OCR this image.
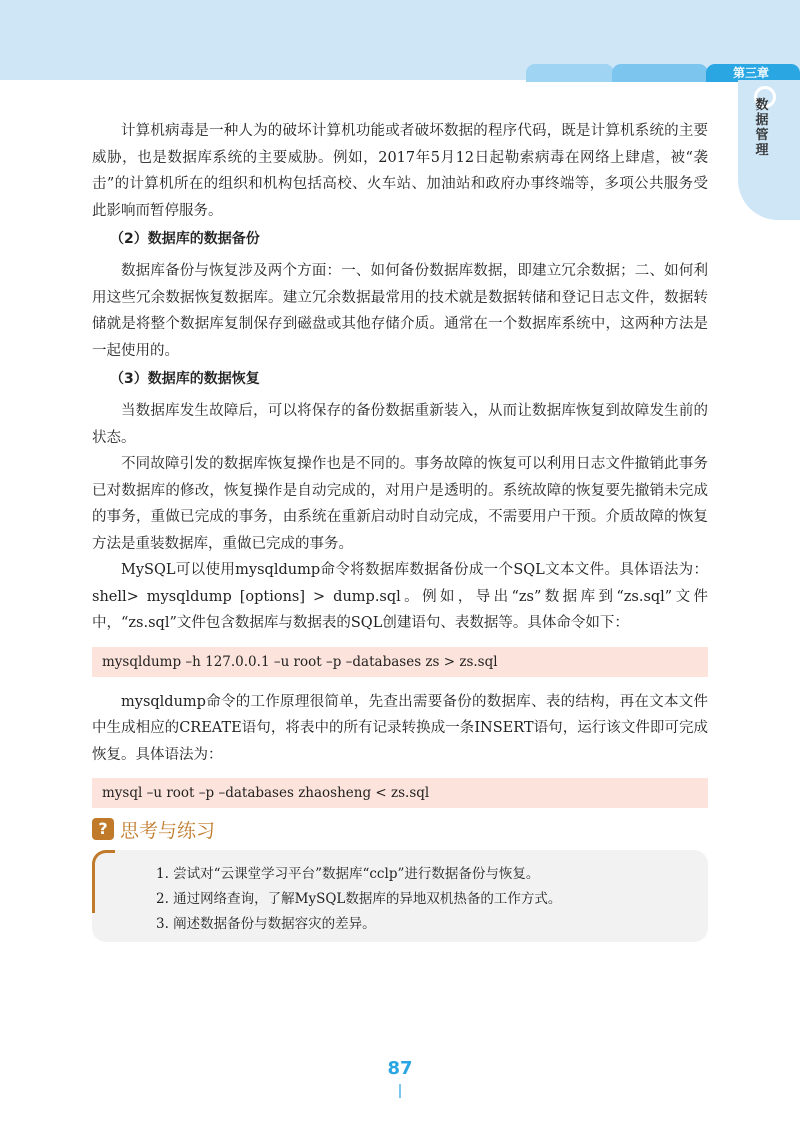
第三章
数据管理

计算机病毒是一种人为的破坏计算机功能或者破坏数据的程序代码，既是计算机系统的主要威胁，也是数据库系统的主要威胁。例如，2017年5月12日起勒索病毒在网络上肆虐，被“袭击”的计算机所在的组织和机构包括高校、火车站、加油站和政府办事终端等，多项公共服务受此影响而暂停服务。

（2）数据库的数据备份

数据库备份与恢复涉及两个方面：一、如何备份数据库数据，即建立冗余数据；二、如何利用这些冗余数据恢复数据库。建立冗余数据最常用的技术就是数据转储和登记日志文件，数据转储就是将整个数据库复制保存到磁盘或其他存储介质。通常在一个数据库系统中，这两种方法是一起使用的。

（3）数据库的数据恢复

当数据库发生故障后，可以将保存的备份数据重新装入，从而让数据库恢复到故障发生前的状态。

不同故障引发的数据库恢复操作也是不同的。事务故障的恢复可以利用日志文件撤销此事务已对数据库的修改，恢复操作是自动完成的，对用户是透明的。系统故障的恢复要先撤销未完成的事务，重做已完成的事务，由系统在重新启动时自动完成，不需要用户干预。介质故障的恢复方法是重装数据库，重做已完成的事务。

MySQL可以使用mysqldump命令将数据库数据备份成一个SQL文本文件。具体语法为：shell> mysqldump [options] > dump.sql。例如，导出“zs”数据库到“zs.sql”文件中，“zs.sql”文件包含数据库与数据表的SQL创建语句、表数据等。具体命令如下：

mysqldump –h 127.0.0.1 –u root –p –databases zs > zs.sql

mysqldump命令的工作原理很简单，先查出需要备份的数据库、表的结构，再在文本文件中生成相应的CREATE语句，将表中的所有记录转换成一条INSERT语句，运行该文件即可完成恢复。具体语法为：

mysql –u root –p –databases zhaosheng < zs.sql
? 思考与练习
1. 尝试对“云课堂学习平台”数据库“cclp”进行数据备份与恢复。
2. 通过网络查询，了解MySQL数据库的异地双机热备的工作方式。
3. 阐述数据备份与数据容灾的差异。
87
